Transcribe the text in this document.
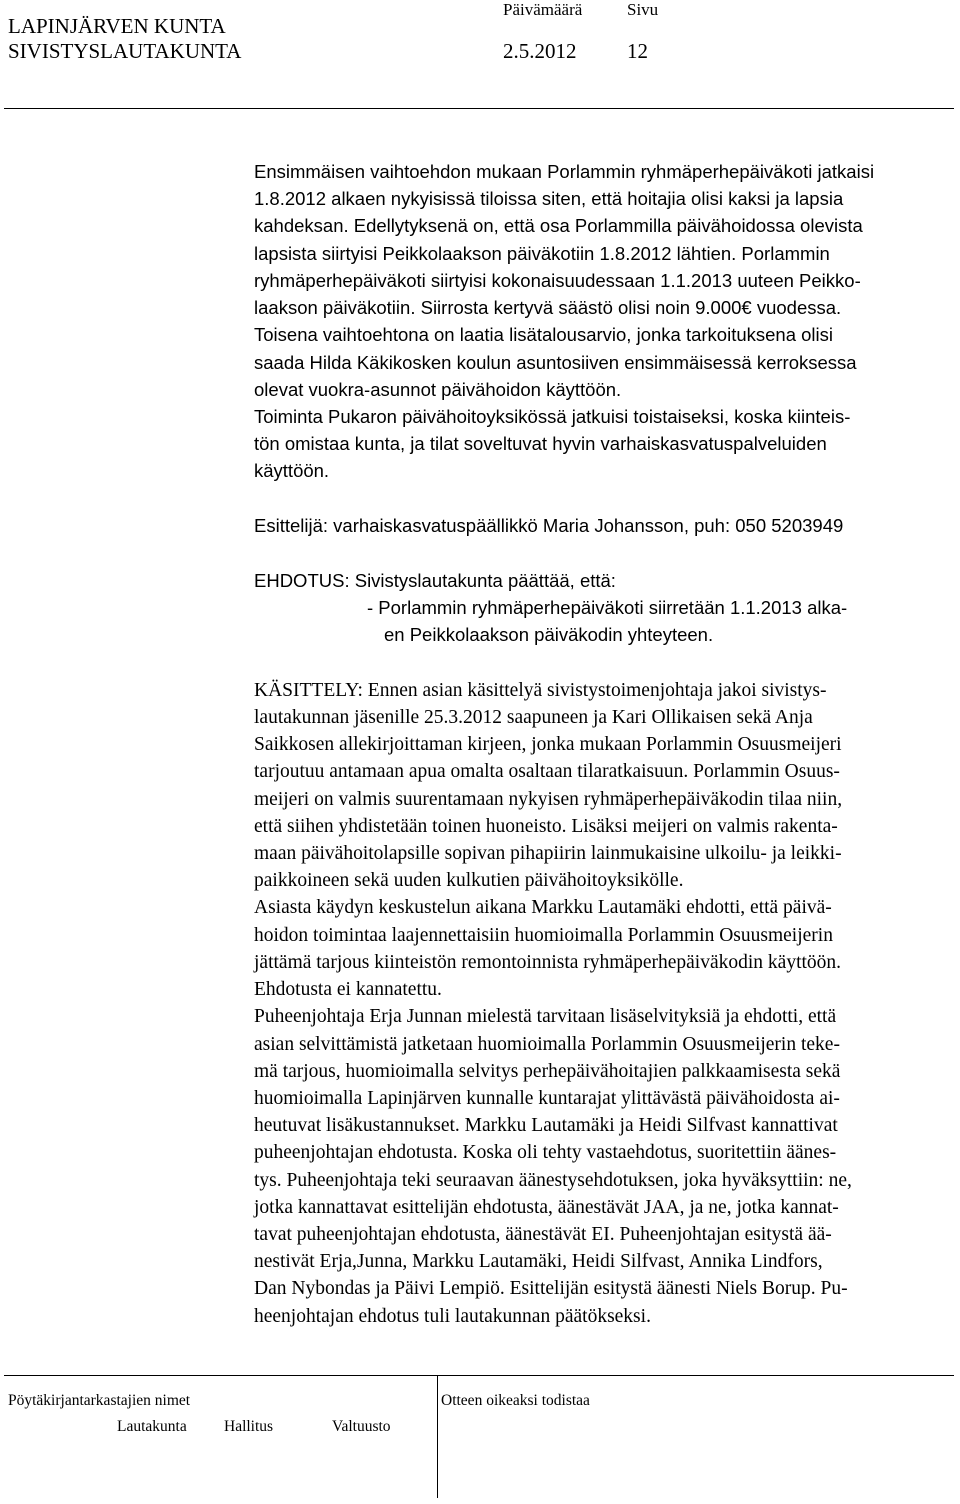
LAPINJÄRVEN KUNTA
SIVISTYSLAUTAKUNTA
Päivämäärä	Sivu
2.5.2012 12
Ensimmäisen vaihtoehdon mukaan Porlammin ryhmäperhepäiväkoti jatkaisi
1.8.2012 alkaen nykyisissä tiloissa siten, että hoitajia olisi kaksi ja lapsia
kahdeksan. Edellytyksenä on, että osa Porlammilla päivähoidossa olevista
lapsista siirtyisi Peikkolaakson päiväkotiin 1.8.2012 lähtien. Porlammin
ryhmäperhepäiväkoti siirtyisi kokonaisuudessaan 1.1.2013 uuteen Peikko-
laakson päiväkotiin. Siirrosta kertyvä säästö olisi noin 9.000€ vuodessa.
Toisena vaihtoehtona on laatia lisätalousarvio, jonka tarkoituksena olisi
saada Hilda Käkikosken koulun asuntosiiven ensimmäisessä kerroksessa
olevat vuokra-asunnot päivähoidon käyttöön.
Toiminta Pukaron päivähoitoyksikössä jatkuisi toistaiseksi, koska kiinteis-
tön omistaa kunta, ja tilat soveltuvat hyvin varhaiskasvatuspalveluiden
käyttöön.
Esittelijä: varhaiskasvatuspäällikkö Maria Johansson, puh: 050 5203949
EHDOTUS: Sivistyslautakunta päättää, että:
- Porlammin ryhmäperhepäiväkoti siirretään 1.1.2013 alka-
en Peikkolaakson päiväkodin yhteyteen.
KÄSITTELY: Ennen asian käsittelyä sivistystoimenjohtaja jakoi sivistys-
lautakunnan jäsenille 25.3.2012 saapuneen ja Kari Ollikaisen sekä Anja
Saikkosen allekirjoittaman kirjeen, jonka mukaan Porlammin Osuusmeijeri
tarjoutuu antamaan apua omalta osaltaan tilaratkaisuun. Porlammin Osuus-
meijeri on valmis suurentamaan nykyisen ryhmäperhepäiväkodin tilaa niin,
että siihen yhdistetään toinen huoneisto. Lisäksi meijeri on valmis rakenta-
maan päivähoitolapsille sopivan pihapiirin lainmukaisine ulkoilu- ja leikki-
paikkoineen sekä uuden kulkutien päivähoitoyksikölle.
Asiasta käydyn keskustelun aikana Markku Lautamäki ehdotti, että päivä-
hoidon toimintaa laajennettaisiin huomioimalla Porlammin Osuusmeijerin
jättämä tarjous kiinteistön remontoinnista ryhmäperhepäiväkodin käyttöön.
Ehdotusta ei kannatettu.
Puheenjohtaja Erja Junnan mielestä tarvitaan lisäselvityksiä ja ehdotti, että
asian selvittämistä jatketaan huomioimalla Porlammin Osuusmeijerin teke-
mä tarjous, huomioimalla selvitys perhepäivähoitajien palkkaamisesta sekä
huomioimalla Lapinjärven kunnalle kuntarajat ylittävästä päivähoidosta ai-
heutuvat lisäkustannukset. Markku Lautamäki ja Heidi Silfvast kannattivat
puheenjohtajan ehdotusta. Koska oli tehty vastaehdotus, suoritettiin äänes-
tys. Puheenjohtaja teki seuraavan äänestysehdotuksen, joka hyväksyttiin: ne,
jotka kannattavat esittelijän ehdotusta, äänestävät JAA, ja ne, jotka kannat-
tavat puheenjohtajan ehdotusta, äänestävät EI. Puheenjohtajan esitystä ää-
nestivät Erja,Junna, Markku Lautamäki, Heidi Silfvast, Annika Lindfors,
Dan Nybondas ja Päivi Lempiö. Esittelijän esitystä äänesti Niels Borup. Pu-
heenjohtajan ehdotus tuli lautakunnan päätökseksi.
Pöytäkirjantarkastajien nimet	Otteen oikeaksi todistaa
Lautakunta Hallitus	Valtuusto
